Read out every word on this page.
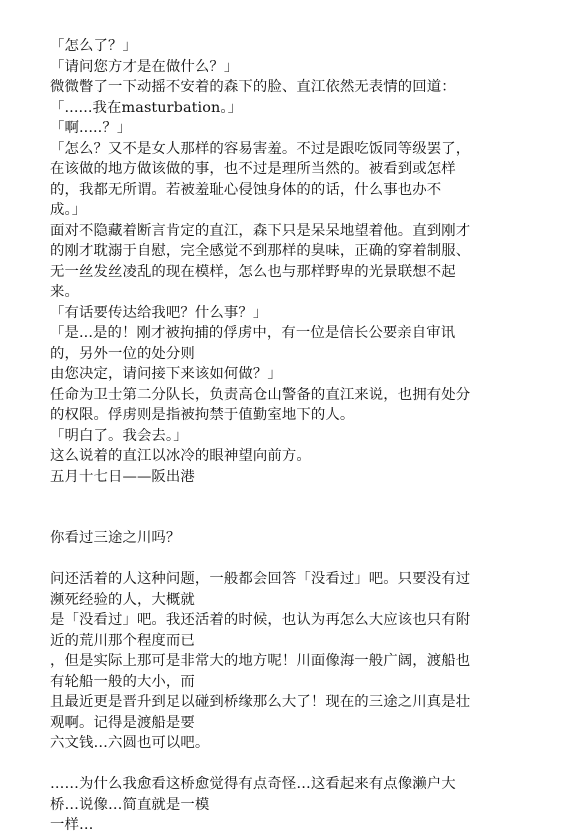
「怎么了？」
「请问您方才是在做什么？」
微微瞥了一下动摇不安着的森下的脸、直江依然无表情的回道：
「......我在masturbation。」
「啊.....？」
「怎么？又不是女人那样的容易害羞。不过是跟吃饭同等级罢了，
在该做的地方做该做的事，也不过是理所当然的。被看到或怎样
的，我都无所谓。若被羞耻心侵蚀身体的的话，什么事也办不
成。」
面对不隐藏着断言肯定的直江，森下只是呆呆地望着他。直到刚才
的刚才耽溺于自慰，完全感觉不到那样的臭味，正确的穿着制服、
无一丝发丝凌乱的现在模样，怎么也与那样野卑的光景联想不起
来。
「有话要传达给我吧？什么事？」
「是...是的！刚才被拘捕的俘虏中，有一位是信长公要亲自审讯
的，另外一位的处分则
由您决定，请问接下来该如何做？」
任命为卫士第二分队长，负责高仓山警备的直江来说，也拥有处分
的权限。俘虏则是指被拘禁于值勤室地下的人。
「明白了。我会去。」
这么说着的直江以冰冷的眼神望向前方。
五月十七日——阪出港
你看过三途之川吗？
问还活着的人这种问题，一般都会回答「没看过」吧。只要没有过
濒死经验的人，大概就
是「没看过」吧。我还活着的时候，也认为再怎么大应该也只有附
近的荒川那个程度而已
，但是实际上那可是非常大的地方呢！川面像海一般广阔，渡船也
有轮船一般的大小，而
且最近更是晋升到足以碰到桥缘那么大了！现在的三途之川真是壮
观啊。记得是渡船是要
六文钱…六圆也可以吧。
……为什么我愈看这桥愈觉得有点奇怪…这看起来有点像濑户大
桥…说像…简直就是一模
一样…
